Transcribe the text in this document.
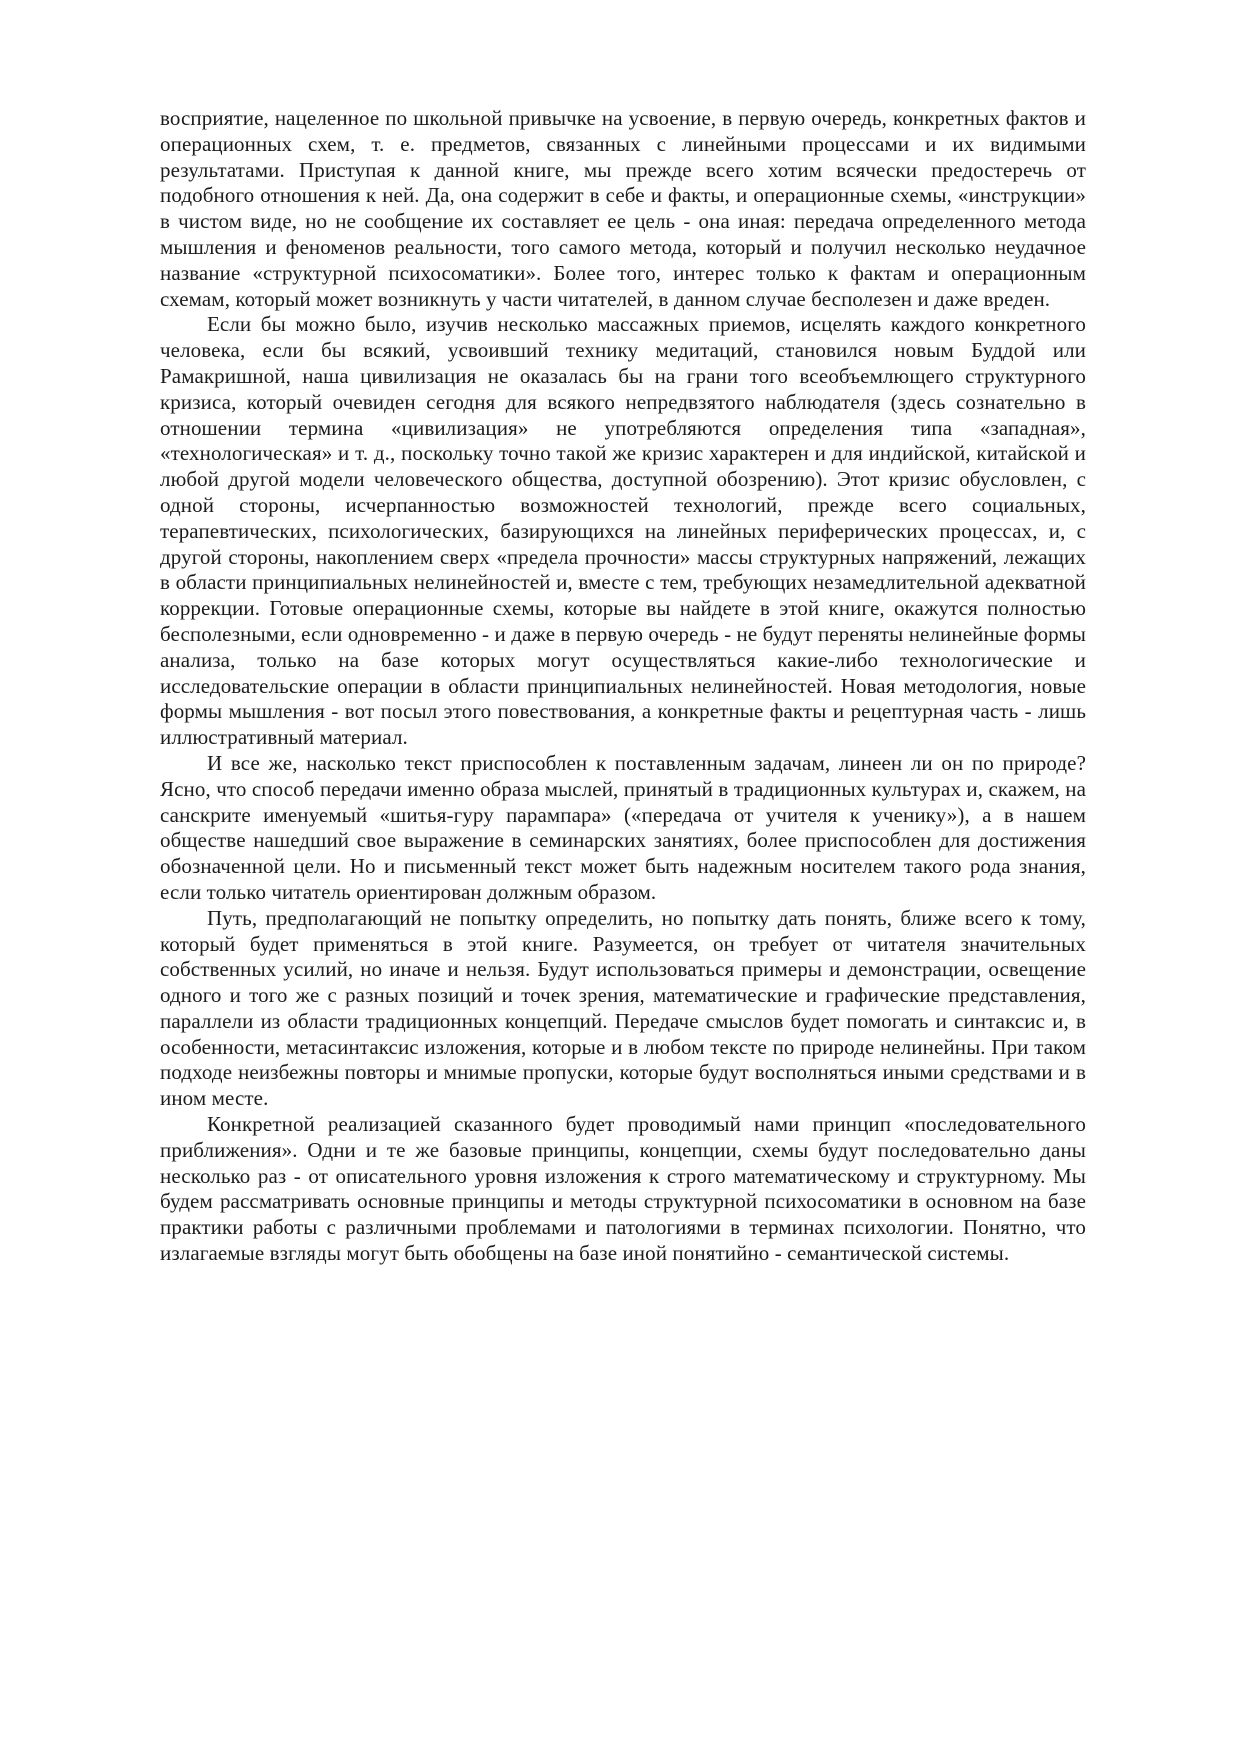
восприятие, нацеленное по школьной привычке на усвоение, в первую очередь, конкретных фактов и операционных схем, т. е. предметов, связанных с линейными процессами и их видимыми результатами. Приступая к данной книге, мы прежде всего хотим всячески предостеречь от подобного отношения к ней. Да, она содержит в себе и факты, и операционные схемы, «инструкции» в чистом виде, но не сообщение их составляет ее цель - она иная: передача определенного метода мышления и феноменов реальности, того самого метода, который и получил несколько неудачное название «структурной психосоматики». Более того, интерес только к фактам и операционным схемам, который может возникнуть у части читателей, в данном случае бесполезен и даже вреден.

Если бы можно было, изучив несколько массажных приемов, исцелять каждого конкретного человека, если бы всякий, усвоивший технику медитаций, становился новым Буддой или Рамакришной, наша цивилизация не оказалась бы на грани того всеобъемлющего структурного кризиса, который очевиден сегодня для всякого непредвзятого наблюдателя (здесь сознательно в отношении термина «цивилизация» не употребляются определения типа «западная», «технологическая» и т. д., поскольку точно такой же кризис характерен и для индийской, китайской и любой другой модели человеческого общества, доступной обозрению). Этот кризис обусловлен, с одной стороны, исчерпанностью возможностей технологий, прежде всего социальных, терапевтических, психологических, базирующихся на линейных периферических процессах, и, с другой стороны, накоплением сверх «предела прочности» массы структурных напряжений, лежащих в области принципиальных нелинейностей и, вместе с тем, требующих незамедлительной адекватной коррекции. Готовые операционные схемы, которые вы найдете в этой книге, окажутся полностью бесполезными, если одновременно - и даже в первую очередь - не будут переняты нелинейные формы анализа, только на базе которых могут осуществляться какие-либо технологические и исследовательские операции в области принципиальных нелинейностей. Новая методология, новые формы мышления - вот посыл этого повествования, а конкретные факты и рецептурная часть - лишь иллюстративный материал.

И все же, насколько текст приспособлен к поставленным задачам, линеен ли он по природе? Ясно, что способ передачи именно образа мыслей, принятый в традиционных культурах и, скажем, на санскрите именуемый «шитья-гуру парампара» («передача от учителя к ученику»), а в нашем обществе нашедший свое выражение в семинарских занятиях, более приспособлен для достижения обозначенной цели. Но и письменный текст может быть надежным носителем такого рода знания, если только читатель ориентирован должным образом.

Путь, предполагающий не попытку определить, но попытку дать понять, ближе всего к тому, который будет применяться в этой книге. Разумеется, он требует от читателя значительных собственных усилий, но иначе и нельзя. Будут использоваться примеры и демонстрации, освещение одного и того же с разных позиций и точек зрения, математические и графические представления, параллели из области традиционных концепций. Передаче смыслов будет помогать и синтаксис и, в особенности, метасинтаксис изложения, которые и в любом тексте по природе нелинейны. При таком подходе неизбежны повторы и мнимые пропуски, которые будут восполняться иными средствами и в ином месте.

Конкретной реализацией сказанного будет проводимый нами принцип «последовательного приближения». Одни и те же базовые принципы, концепции, схемы будут последовательно даны несколько раз - от описательного уровня изложения к строго математическому и структурному. Мы будем рассматривать основные принципы и методы структурной психосоматики в основном на базе практики работы с различными проблемами и патологиями в терминах психологии. Понятно, что излагаемые взгляды могут быть обобщены на базе иной понятийно - семантической системы.
